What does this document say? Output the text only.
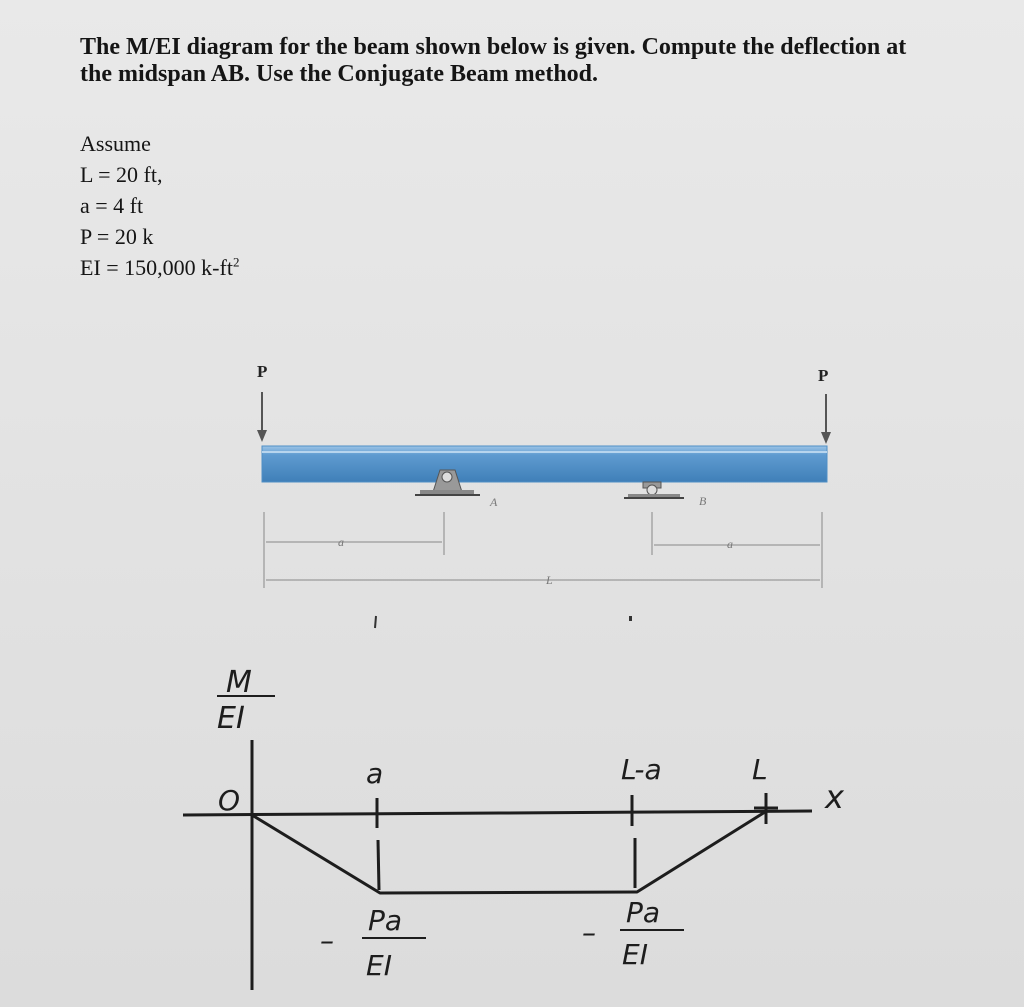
The M/EI diagram for the beam shown below is given. Compute the deflection at
the midspan AB. Use the Conjugate Beam method.
Assume
L = 20 ft,
a = 4 ft
P = 20 k
EI = 150,000 $k-ft^2$
P	P
A	B
a	a
L
M
EI
O
a	L-a	L
x
–
Pa
EI
–
Pa
EI
